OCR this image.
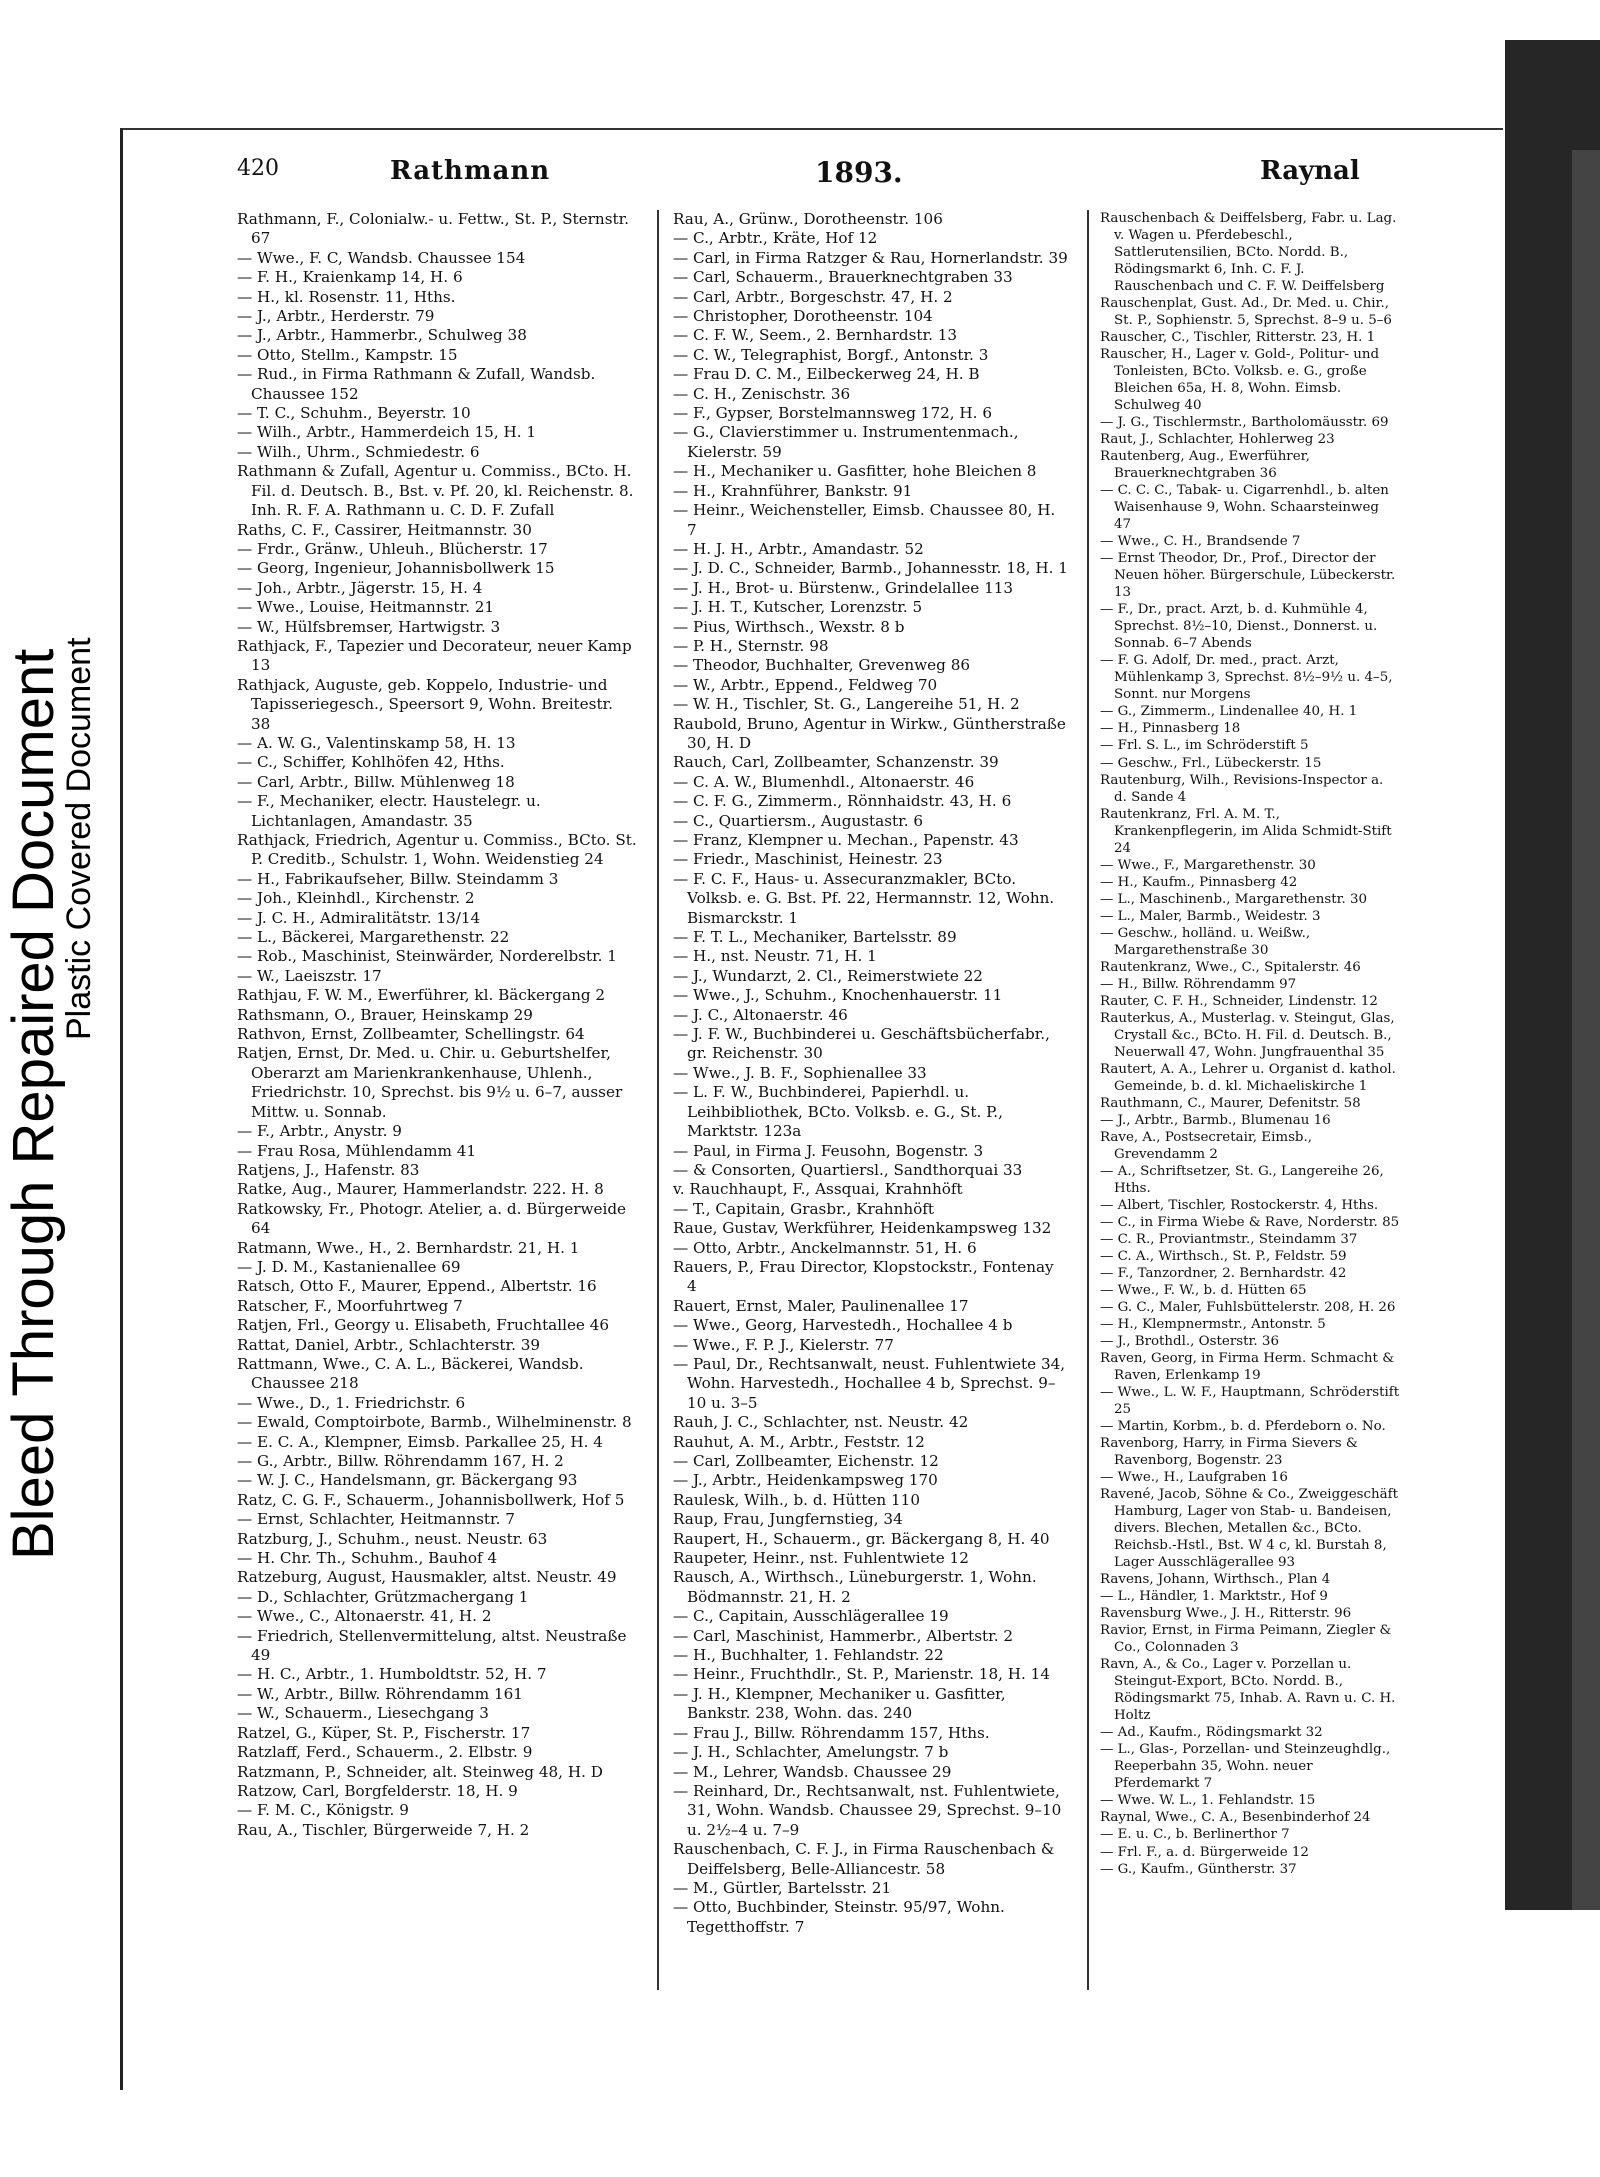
Bleed Through Repaired Document
Plastic Covered Document
420	Rathmann	1893.	Raynal

Rathmann, F., Colonialw.- u. Fettw., St. P., Sternstr. 67

— Wwe., F. C, Wandsb. Chaussee 154

— F. H., Kraienkamp 14, H. 6

— H., kl. Rosenstr. 11, Hths.

— J., Arbtr., Herderstr. 79

— J., Arbtr., Hammerbr., Schulweg 38

— Otto, Stellm., Kampstr. 15

— Rud., in Firma Rathmann & Zufall, Wandsb. Chaussee 152

— T. C., Schuhm., Beyerstr. 10

— Wilh., Arbtr., Hammerdeich 15, H. 1

— Wilh., Uhrm., Schmiedestr. 6

Rathmann & Zufall, Agentur u. Commiss., BCto. H. Fil. d. Deutsch. B., Bst. v. Pf. 20, kl. Reichenstr. 8. Inh. R. F. A. Rathmann u. C. D. F. Zufall

Raths, C. F., Cassirer, Heitmannstr. 30

— Frdr., Gränw., Uhleuh., Blücherstr. 17

— Georg, Ingenieur, Johannisbollwerk 15

— Joh., Arbtr., Jägerstr. 15, H. 4

— Wwe., Louise, Heitmannstr. 21

— W., Hülfsbremser, Hartwigstr. 3

Rathjack, F., Tapezier und Decorateur, neuer Kamp 13

Rathjack, Auguste, geb. Koppelo, Industrie- und Tapisseriegesch., Speersort 9, Wohn. Breitestr. 38

— A. W. G., Valentinskamp 58, H. 13

— C., Schiffer, Kohlhöfen 42, Hths.

— Carl, Arbtr., Billw. Mühlenweg 18

— F., Mechaniker, electr. Haustelegr. u. Lichtanlagen, Amandastr. 35

Rathjack, Friedrich, Agentur u. Commiss., BCto. St. P. Creditb., Schulstr. 1, Wohn. Weidenstieg 24

— H., Fabrikaufseher, Billw. Steindamm 3

— Joh., Kleinhdl., Kirchenstr. 2

— J. C. H., Admiralitätstr. 13/14

— L., Bäckerei, Margarethenstr. 22

— Rob., Maschinist, Steinwärder, Norderelbstr. 1

— W., Laeiszstr. 17

Rathjau, F. W. M., Ewerführer, kl. Bäckergang 2

Rathsmann, O., Brauer, Heinskamp 29

Rathvon, Ernst, Zollbeamter, Schellingstr. 64

Ratjen, Ernst, Dr. Med. u. Chir. u. Geburtshelfer, Oberarzt am Marienkrankenhause, Uhlenh., Friedrichstr. 10, Sprechst. bis 9½ u. 6–7, ausser Mittw. u. Sonnab.

— F., Arbtr., Anystr. 9

— Frau Rosa, Mühlendamm 41

Ratjens, J., Hafenstr. 83

Ratke, Aug., Maurer, Hammerlandstr. 222. H. 8

Ratkowsky, Fr., Photogr. Atelier, a. d. Bürgerweide 64

Ratmann, Wwe., H., 2. Bernhardstr. 21, H. 1

— J. D. M., Kastanienallee 69

Ratsch, Otto F., Maurer, Eppend., Albertstr. 16

Ratscher, F., Moorfuhrtweg 7

Ratjen, Frl., Georgy u. Elisabeth, Fruchtallee 46

Rattat, Daniel, Arbtr., Schlachterstr. 39

Rattmann, Wwe., C. A. L., Bäckerei, Wandsb. Chaussee 218

— Wwe., D., 1. Friedrichstr. 6

— Ewald, Comptoirbote, Barmb., Wilhelminenstr. 8

— E. C. A., Klempner, Eimsb. Parkallee 25, H. 4

— G., Arbtr., Billw. Röhrendamm 167, H. 2

— W. J. C., Handelsmann, gr. Bäckergang 93

Ratz, C. G. F., Schauerm., Johannisbollwerk, Hof 5

— Ernst, Schlachter, Heitmannstr. 7

Ratzburg, J., Schuhm., neust. Neustr. 63

— H. Chr. Th., Schuhm., Bauhof 4

Ratzeburg, August, Hausmakler, altst. Neustr. 49

— D., Schlachter, Grützmachergang 1

— Wwe., C., Altonaerstr. 41, H. 2

— Friedrich, Stellenvermittelung, altst. Neustraße 49

— H. C., Arbtr., 1. Humboldtstr. 52, H. 7

— W., Arbtr., Billw. Röhrendamm 161

— W., Schauerm., Liesechgang 3

Ratzel, G., Küper, St. P., Fischerstr. 17

Ratzlaff, Ferd., Schauerm., 2. Elbstr. 9

Ratzmann, P., Schneider, alt. Steinweg 48, H. D

Ratzow, Carl, Borgfelderstr. 18, H. 9

— F. M. C., Königstr. 9

Rau, A., Tischler, Bürgerweide 7, H. 2

Rau, A., Grünw., Dorotheenstr. 106

— C., Arbtr., Kräte, Hof 12

— Carl, in Firma Ratzger & Rau, Hornerlandstr. 39

— Carl, Schauerm., Brauerknechtgraben 33

— Carl, Arbtr., Borgeschstr. 47, H. 2

— Christopher, Dorotheenstr. 104

— C. F. W., Seem., 2. Bernhardstr. 13

— C. W., Telegraphist, Borgf., Antonstr. 3

— Frau D. C. M., Eilbeckerweg 24, H. B

— C. H., Zenischstr. 36

— F., Gypser, Borstelmannsweg 172, H. 6

— G., Clavierstimmer u. Instrumentenmach., Kielerstr. 59

— H., Mechaniker u. Gasfitter, hohe Bleichen 8

— H., Krahnführer, Bankstr. 91

— Heinr., Weichensteller, Eimsb. Chaussee 80, H. 7

— H. J. H., Arbtr., Amandastr. 52

— J. D. C., Schneider, Barmb., Johannesstr. 18, H. 1

— J. H., Brot- u. Bürstenw., Grindelallee 113

— J. H. T., Kutscher, Lorenzstr. 5

— Pius, Wirthsch., Wexstr. 8 b

— P. H., Sternstr. 98

— Theodor, Buchhalter, Grevenweg 86

— W., Arbtr., Eppend., Feldweg 70

— W. H., Tischler, St. G., Langereihe 51, H. 2

Raubold, Bruno, Agentur in Wirkw., Güntherstraße 30, H. D

Rauch, Carl, Zollbeamter, Schanzenstr. 39

— C. A. W., Blumenhdl., Altonaerstr. 46

— C. F. G., Zimmerm., Rönnhaidstr. 43, H. 6

— C., Quartiersm., Augustastr. 6

— Franz, Klempner u. Mechan., Papenstr. 43

— Friedr., Maschinist, Heinestr. 23

— F. C. F., Haus- u. Assecuranzmakler, BCto. Volksb. e. G. Bst. Pf. 22, Hermannstr. 12, Wohn. Bismarckstr. 1

— F. T. L., Mechaniker, Bartelsstr. 89

— H., nst. Neustr. 71, H. 1

— J., Wundarzt, 2. Cl., Reimerstwiete 22

— Wwe., J., Schuhm., Knochenhauerstr. 11

— J. C., Altonaerstr. 46

— J. F. W., Buchbinderei u. Geschäftsbücherfabr., gr. Reichenstr. 30

— Wwe., J. B. F., Sophienallee 33

— L. F. W., Buchbinderei, Papierhdl. u. Leihbibliothek, BCto. Volksb. e. G., St. P., Marktstr. 123a

— Paul, in Firma J. Feusohn, Bogenstr. 3

— & Consorten, Quartiersl., Sandthorquai 33

v. Rauchhaupt, F., Assquai, Krahnhöft

— T., Capitain, Grasbr., Krahnhöft

Raue, Gustav, Werkführer, Heidenkampsweg 132

— Otto, Arbtr., Anckelmannstr. 51, H. 6

Rauers, P., Frau Director, Klopstockstr., Fontenay 4

Rauert, Ernst, Maler, Paulinenallee 17

— Wwe., Georg, Harvestedh., Hochallee 4 b

— Wwe., F. P. J., Kielerstr. 77

— Paul, Dr., Rechtsanwalt, neust. Fuhlentwiete 34, Wohn. Harvestedh., Hochallee 4 b, Sprechst. 9–10 u. 3–5

Rauh, J. C., Schlachter, nst. Neustr. 42

Rauhut, A. M., Arbtr., Feststr. 12

— Carl, Zollbeamter, Eichenstr. 12

— J., Arbtr., Heidenkampsweg 170

Raulesk, Wilh., b. d. Hütten 110

Raup, Frau, Jungfernstieg, 34

Raupert, H., Schauerm., gr. Bäckergang 8, H. 40

Raupeter, Heinr., nst. Fuhlentwiete 12

Rausch, A., Wirthsch., Lüneburgerstr. 1, Wohn. Bödmannstr. 21, H. 2

— C., Capitain, Ausschlägerallee 19

— Carl, Maschinist, Hammerbr., Albertstr. 2

— H., Buchhalter, 1. Fehlandstr. 22

— Heinr., Fruchthdlr., St. P., Marienstr. 18, H. 14

— J. H., Klempner, Mechaniker u. Gasfitter, Bankstr. 238, Wohn. das. 240

— Frau J., Billw. Röhrendamm 157, Hths.

— J. H., Schlachter, Amelungstr. 7 b

— M., Lehrer, Wandsb. Chaussee 29

— Reinhard, Dr., Rechtsanwalt, nst. Fuhlentwiete, 31, Wohn. Wandsb. Chaussee 29, Sprechst. 9–10 u. 2½–4 u. 7–9

Rauschenbach, C. F. J., in Firma Rauschenbach & Deiffelsberg, Belle-Alliancestr. 58

— M., Gürtler, Bartelsstr. 21

— Otto, Buchbinder, Steinstr. 95/97, Wohn. Tegetthoffstr. 7

Rauschenbach & Deiffelsberg, Fabr. u. Lag. v. Wagen u. Pferdebeschl., Sattlerutensilien, BCto. Nordd. B., Rödingsmarkt 6, Inh. C. F. J. Rauschenbach und C. F. W. Deiffelsberg

Rauschenplat, Gust. Ad., Dr. Med. u. Chir., St. P., Sophienstr. 5, Sprechst. 8–9 u. 5–6

Rauscher, C., Tischler, Ritterstr. 23, H. 1

Rauscher, H., Lager v. Gold-, Politur- und Tonleisten, BCto. Volksb. e. G., große Bleichen 65a, H. 8, Wohn. Eimsb. Schulweg 40

— J. G., Tischlermstr., Bartholomäusstr. 69

Raut, J., Schlachter, Hohlerweg 23

Rautenberg, Aug., Ewerführer, Brauerknechtgraben 36

— C. C. C., Tabak- u. Cigarrenhdl., b. alten Waisenhause 9, Wohn. Schaarsteinweg 47

— Wwe., C. H., Brandsende 7

— Ernst Theodor, Dr., Prof., Director der Neuen höher. Bürgerschule, Lübeckerstr. 13

— F., Dr., pract. Arzt, b. d. Kuhmühle 4, Sprechst. 8½–10, Dienst., Donnerst. u. Sonnab. 6–7 Abends

— F. G. Adolf, Dr. med., pract. Arzt, Mühlenkamp 3, Sprechst. 8½–9½ u. 4–5, Sonnt. nur Morgens

— G., Zimmerm., Lindenallee 40, H. 1

— H., Pinnasberg 18

— Frl. S. L., im Schröderstift 5

— Geschw., Frl., Lübeckerstr. 15

Rautenburg, Wilh., Revisions-Inspector a. d. Sande 4

Rautenkranz, Frl. A. M. T., Krankenpflegerin, im Alida Schmidt-Stift 24

— Wwe., F., Margarethenstr. 30

— H., Kaufm., Pinnasberg 42

— L., Maschinenb., Margarethenstr. 30

— L., Maler, Barmb., Weidestr. 3

— Geschw., holländ. u. Weißw., Margarethenstraße 30

Rautenkranz, Wwe., C., Spitalerstr. 46

— H., Billw. Röhrendamm 97

Rauter, C. F. H., Schneider, Lindenstr. 12

Rauterkus, A., Musterlag. v. Steingut, Glas, Crystall &c., BCto. H. Fil. d. Deutsch. B., Neuerwall 47, Wohn. Jungfrauenthal 35

Rautert, A. A., Lehrer u. Organist d. kathol. Gemeinde, b. d. kl. Michaeliskirche 1

Rauthmann, C., Maurer, Defenitstr. 58

— J., Arbtr., Barmb., Blumenau 16

Rave, A., Postsecretair, Eimsb., Grevendamm 2

— A., Schriftsetzer, St. G., Langereihe 26, Hths.

— Albert, Tischler, Rostockerstr. 4, Hths.

— C., in Firma Wiebe & Rave, Norderstr. 85

— C. R., Proviantmstr., Steindamm 37

— C. A., Wirthsch., St. P., Feldstr. 59

— F., Tanzordner, 2. Bernhardstr. 42

— Wwe., F. W., b. d. Hütten 65

— G. C., Maler, Fuhlsbüttelerstr. 208, H. 26

— H., Klempnermstr., Antonstr. 5

— J., Brothdl., Osterstr. 36

Raven, Georg, in Firma Herm. Schmacht & Raven, Erlenkamp 19

— Wwe., L. W. F., Hauptmann, Schröderstift 25

— Martin, Korbm., b. d. Pferdeborn o. No.

Ravenborg, Harry, in Firma Sievers & Ravenborg, Bogenstr. 23

— Wwe., H., Laufgraben 16

Ravené, Jacob, Söhne & Co., Zweiggeschäft Hamburg, Lager von Stab- u. Bandeisen, divers. Blechen, Metallen &c., BCto. Reichsb.-Hstl., Bst. W 4 c, kl. Burstah 8, Lager Ausschlägerallee 93

Ravens, Johann, Wirthsch., Plan 4

— L., Händler, 1. Marktstr., Hof 9

Ravensburg Wwe., J. H., Ritterstr. 96

Ravior, Ernst, in Firma Peimann, Ziegler & Co., Colonnaden 3

Ravn, A., & Co., Lager v. Porzellan u. Steingut-Export, BCto. Nordd. B., Rödingsmarkt 75, Inhab. A. Ravn u. C. H. Holtz

— Ad., Kaufm., Rödingsmarkt 32

— L., Glas-, Porzellan- und Steinzeughdlg., Reeperbahn 35, Wohn. neuer Pferdemarkt 7

— Wwe. W. L., 1. Fehlandstr. 15

Raynal, Wwe., C. A., Besenbinderhof 24

— E. u. C., b. Berlinerthor 7

— Frl. F., a. d. Bürgerweide 12

— G., Kaufm., Güntherstr. 37
